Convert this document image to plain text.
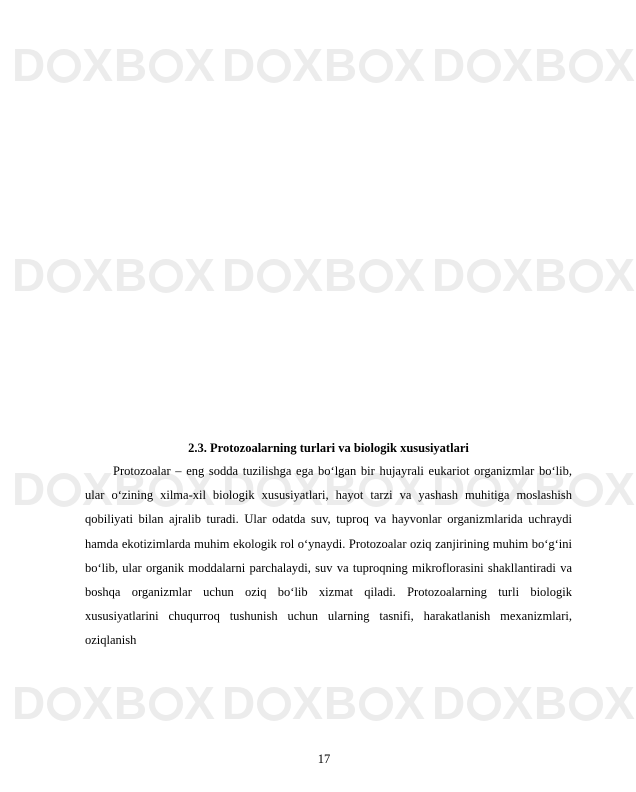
D XB X D XB X D XB X
D XB X D XB X D XB X
D XB X D XB X D XB X
D XB X D XB X D XB X
2.3. Protozoalarning turlari va biologik xususiyatlari

Protozoalar – eng sodda tuzilishga ega bo‘lgan bir hujayrali eukariot organizmlar bo‘lib, ular o‘zining xilma-xil biologik xususiyatlari, hayot tarzi va yashash muhitiga moslashish qobiliyati bilan ajralib turadi. Ular odatda suv, tuproq va hayvonlar organizmlarida uchraydi hamda ekotizimlarda muhim ekologik rol o‘ynaydi. Protozoalar oziq zanjirining muhim bo‘g‘ini bo‘lib, ular organik moddalarni parchalaydi, suv va tuproqning mikroflorasini shakllantiradi va boshqa organizmlar uchun oziq bo‘lib xizmat qiladi. Protozoalarning turli biologik xususiyatlarini chuqurroq tushunish uchun ularning tasnifi, harakatlanish mexanizmlari, oziqlanish

17
